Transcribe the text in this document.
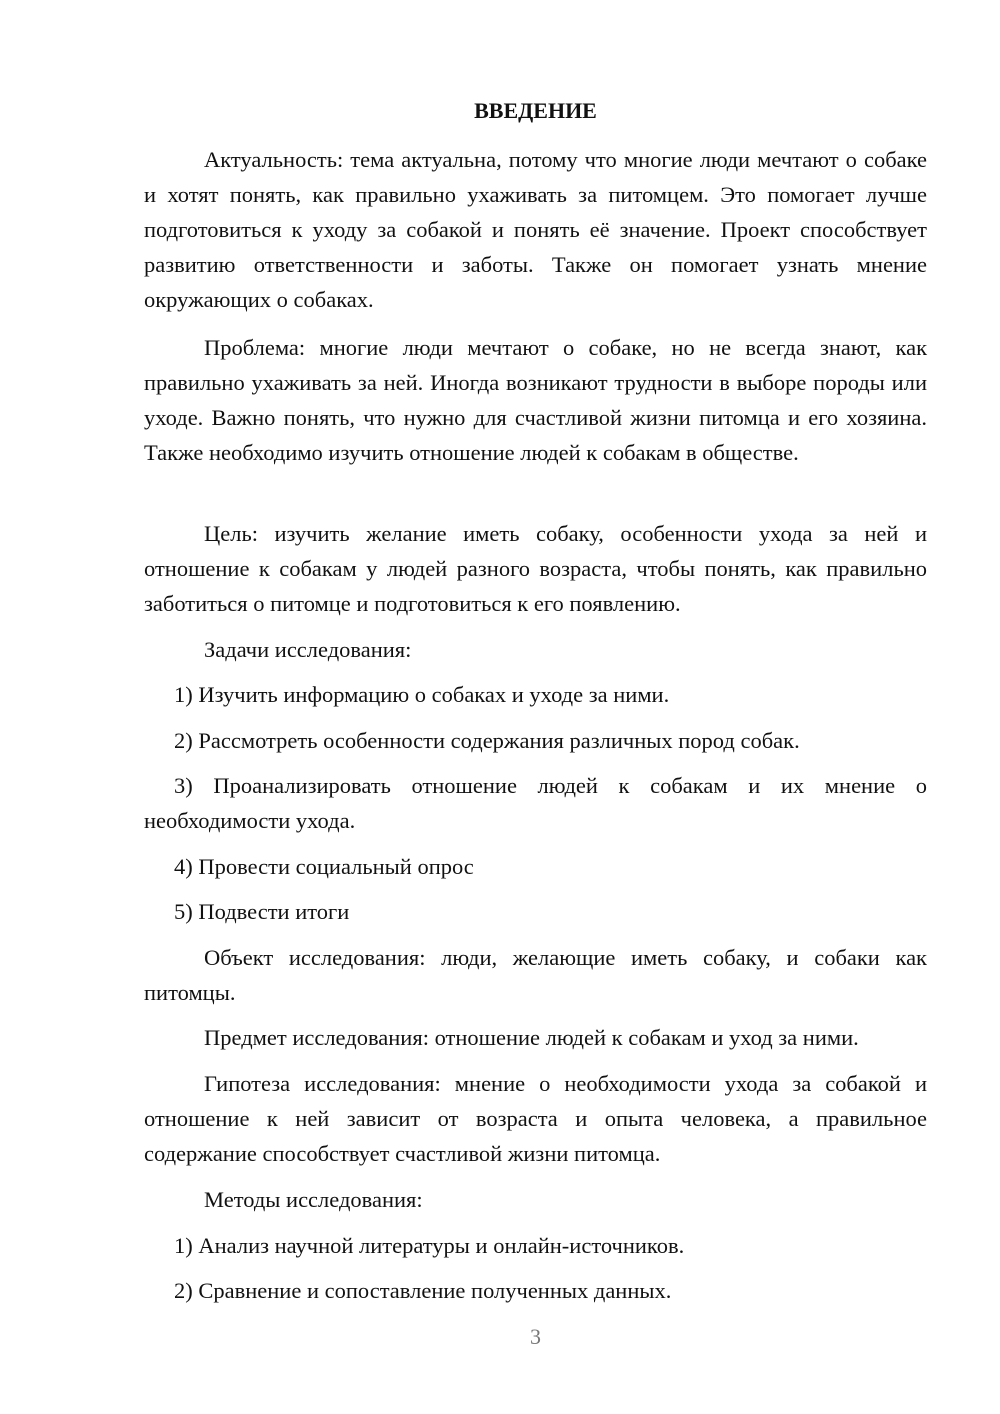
ВВЕДЕНИЕ

Актуальность: тема актуальна, потому что многие люди мечтают о собаке и хотят понять, как правильно ухаживать за питомцем. Это помогает лучше подготовиться к уходу за собакой и понять её значение. Проект способствует развитию ответственности и заботы. Также он помогает узнать мнение окружающих о собаках.

Проблема: многие люди мечтают о собаке, но не всегда знают, как правильно ухаживать за ней. Иногда возникают трудности в выборе породы или уходе. Важно понять, что нужно для счастливой жизни питомца и его хозяина. Также необходимо изучить отношение людей к собакам в обществе.

Цель: изучить желание иметь собаку, особенности ухода за ней и отношение к собакам у людей разного возраста, чтобы понять, как правильно заботиться о питомце и подготовиться к его появлению.

Задачи исследования:

1) Изучить информацию о собаках и уходе за ними.

2) Рассмотреть особенности содержания различных пород собак.

3) Проанализировать отношение людей к собакам и их мнение о необходимости ухода.

4) Провести социальный опрос

5) Подвести итоги

Объект исследования: люди, желающие иметь собаку, и собаки как питомцы.

Предмет исследования: отношение людей к собакам и уход за ними.

Гипотеза исследования: мнение о необходимости ухода за собакой и отношение к ней зависит от возраста и опыта человека, а правильное содержание способствует счастливой жизни питомца.

Методы исследования:

1) Анализ научной литературы и онлайн-источников.

2) Сравнение и сопоставление полученных данных.

3
